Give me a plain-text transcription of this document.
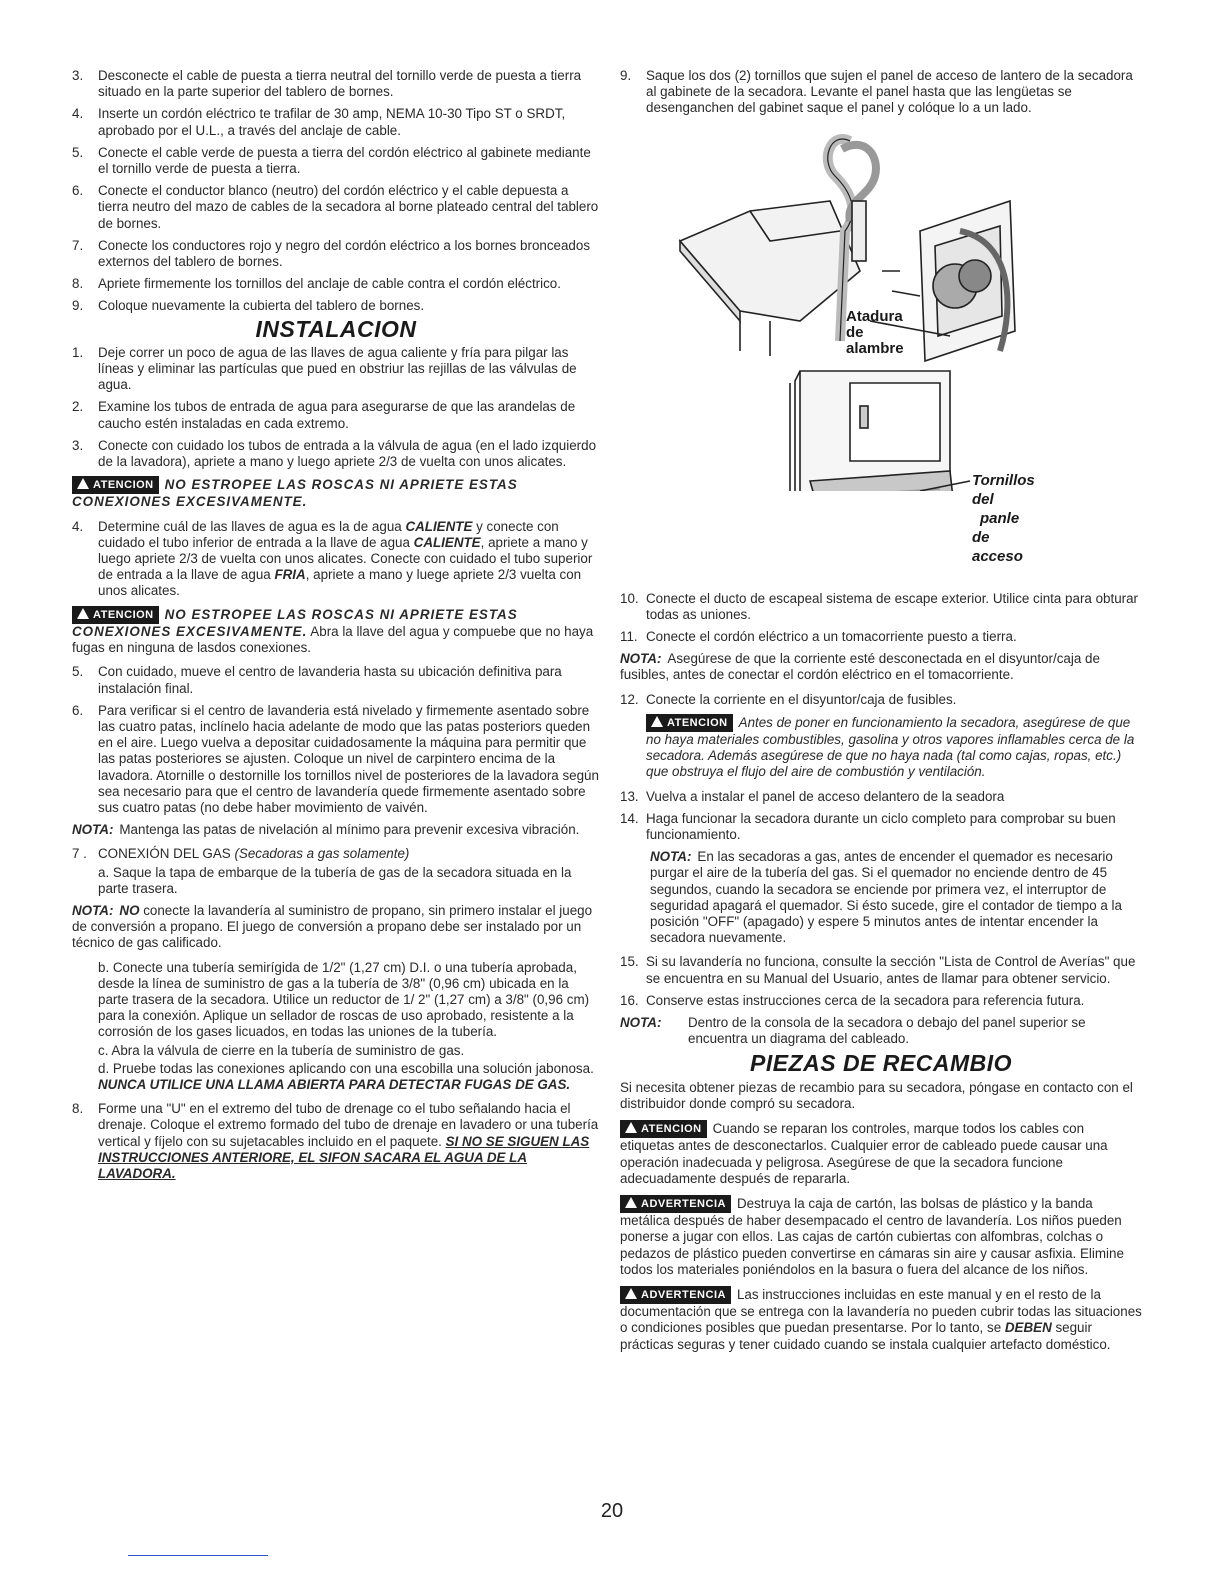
3. Desconecte el cable de puesta a tierra neutral del tornillo verde de puesta a tierra situado en la parte superior del tablero de bornes.
4. Inserte un cordón eléctrico te trafilar de 30 amp, NEMA 10-30 Tipo ST o SRDT, aprobado por el U.L., a través del anclaje de cable.
5. Conecte el cable verde de puesta a tierra del cordón eléctrico al gabinete mediante el tornillo verde de puesta a tierra.
6. Conecte el conductor blanco (neutro) del cordón eléctrico y el cable depuesta a tierra neutro del mazo de cables de la secadora al borne plateado central del tablero de bornes.
7. Conecte los conductores rojo y negro del cordón eléctrico a los bornes bronceados externos del tablero de bornes.
8. Apriete firmemente los tornillos del anclaje de cable contra el cordón eléctrico.
9. Coloque nuevamente la cubierta del tablero de bornes.
INSTALACION
1. Deje correr un poco de agua de las llaves de agua caliente y fría para pilgar las líneas y eliminar las partículas que pued en obstriur las rejillas de las válvulas de agua.
2. Examine los tubos de entrada de agua para asegurarse de que las arandelas de caucho estén instaladas en cada extremo.
3. Conecte con cuidado los tubos de entrada a la válvula de agua (en el lado izquierdo de la lavadora), apriete a mano y luego apriete 2/3 de vuelta con unos alicates.
ATENCION NO ESTROPEE LAS ROSCAS NI APRIETE ESTAS CONEXIONES EXCESIVAMENTE.
4. Determine cuál de las llaves de agua es la de agua CALIENTE y conecte con cuidado el tubo inferior de entrada a la llave de agua CALIENTE, apriete a mano y luego apriete 2/3 de vuelta con unos alicates. Conecte con cuidado el tubo superior de entrada a la llave de agua FRIA, apriete a mano y luege apriete 2/3 vuelta con unos alicates.
ATENCION NO ESTROPEE LAS ROSCAS NI APRIETE ESTAS CONEXIONES EXCESIVAMENTE. Abra la llave del agua y compuebe que no haya fugas en ninguna de lasdos conexiones.
5. Con cuidado, mueve el centro de lavanderia hasta su ubicación definitiva para instalación final.
6. Para verificar si el centro de lavanderia está nivelado y firmemente asentado sobre las cuatro patas, inclínelo hacia adelante de modo que las patas posteriors queden en el aire. Luego vuelva a depositar cuidadosamente la máquina para permitir que las patas posteriores se ajusten. Coloque un nivel de carpintero encima de la lavadora. Atornille o destornille los tornillos nivel de posteriores de la lavadora según sea necesario para que el centro de lavandería quede firmemente asentado sobre sus cuatro patas (no debe haber movimiento de vaivén.
NOTA: Mantenga las patas de nivelación al mínimo para prevenir excesiva vibración.
7 . CONEXIÓN DEL GAS (Secadoras a gas solamente)
a. Saque la tapa de embarque de la tubería de gas de la secadora situada en la parte trasera.
NOTA: NO conecte la lavandería al suministro de propano, sin primero instalar el juego de conversión a propano. El juego de conversión a propano debe ser instalado por un técnico de gas calificado.
b. Conecte una tubería semirígida de 1/2" (1,27 cm) D.I. o una tubería aprobada, desde la línea de suministro de gas a la tubería de 3/8" (0,96 cm) ubicada en la parte trasera de la secadora. Utilice un reductor de 1/ 2" (1,27 cm) a 3/8" (0,96 cm) para la conexión. Aplique un sellador de roscas de uso aprobado, resistente a la corrosión de los gases licuados, en todas las uniones de la tubería.
c. Abra la válvula de cierre en la tubería de suministro de gas.
d. Pruebe todas las conexiones aplicando con una escobilla una solución jabonosa. NUNCA UTILICE UNA LLAMA ABIERTA PARA DETECTAR FUGAS DE GAS.
8. Forme una "U" en el extremo del tubo de drenage co el tubo señalando hacia el drenaje. Coloque el extremo formado del tubo de drenaje en lavadero or una tubería vertical y fíjelo con su sujetacables incluido en el paquete. SI NO SE SIGUEN LAS INSTRUCCIONES ANTERIORE, EL SIFON SACARA EL AGUA DE LA LAVADORA.
9. Saque los dos (2) tornillos que sujen el panel de acceso de lantero de la secadora al gabinete de la secadora. Levante el panel hasta que las lengüetas se desenganchen del gabinet saque el panel y colóque lo a un lado.
Atadura
de
alambre
Tornillos
del
panle
de
acceso
10. Conecte el ducto de escapeal sistema de escape exterior. Utilice cinta para obturar todas as uniones.
11. Conecte el cordón eléctrico a un tomacorriente puesto a tierra.
NOTA: Asegúrese de que la corriente esté desconectada en el disyuntor/caja de fusibles, antes de conectar el cordón eléctrico en el tomacorriente.
12. Conecte la corriente en el disyuntor/caja de fusibles.
ATENCION Antes de poner en funcionamiento la secadora, asegúrese de que no haya materiales combustibles, gasolina y otros vapores inflamables cerca de la secadora. Además asegúrese de que no haya nada (tal como cajas, ropas, etc.) que obstruya el flujo del aire de combustión y ventilación.
13. Vuelva a instalar el panel de acceso delantero de la seadora
14. Haga funcionar la secadora durante un ciclo completo para comprobar su buen funcionamiento.
NOTA: En las secadoras a gas, antes de encender el quemador es necesario purgar el aire de la tubería del gas. Si el quemador no enciende dentro de 45 segundos, cuando la secadora se enciende por primera vez, el interruptor de seguridad apagará el quemador. Si ésto sucede, gire el contador de tiempo a la posición "OFF" (apagado) y espere 5 minutos antes de intentar encender la secadora nuevamente.
15. Si su lavandería no funciona, consulte la sección "Lista de Control de Averías" que se encuentra en su Manual del Usuario, antes de llamar para obtener servicio.
16. Conserve estas instrucciones cerca de la secadora para referencia futura.
NOTA: Dentro de la consola de la secadora o debajo del panel superior se encuentra un diagrama del cableado.
PIEZAS DE RECAMBIO
Si necesita obtener piezas de recambio para su secadora, póngase en contacto con el distribuidor donde compró su secadora.
ATENCION Cuando se reparan los controles, marque todos los cables con etiquetas antes de desconectarlos. Cualquier error de cableado puede causar una operación inadecuada y peligrosa. Asegúrese de que la secadora funcione adecuadamente después de repararla.
ADVERTENCIA Destruya la caja de cartón, las bolsas de plástico y la banda metálica después de haber desempacado el centro de lavandería. Los niños pueden ponerse a jugar con ellos. Las cajas de cartón cubiertas con alfombras, colchas o pedazos de plástico pueden convertirse en cámaras sin aire y causar asfixia. Elimine todos los materiales poniéndolos en la basura o fuera del alcance de los niños.
ADVERTENCIA Las instrucciones incluidas en este manual y en el resto de la documentación que se entrega con la lavandería no pueden cubrir todas las situaciones o condiciones posibles que puedan presentarse. Por lo tanto, se DEBEN seguir prácticas seguras y tener cuidado cuando se instala cualquier artefacto doméstico.
20
